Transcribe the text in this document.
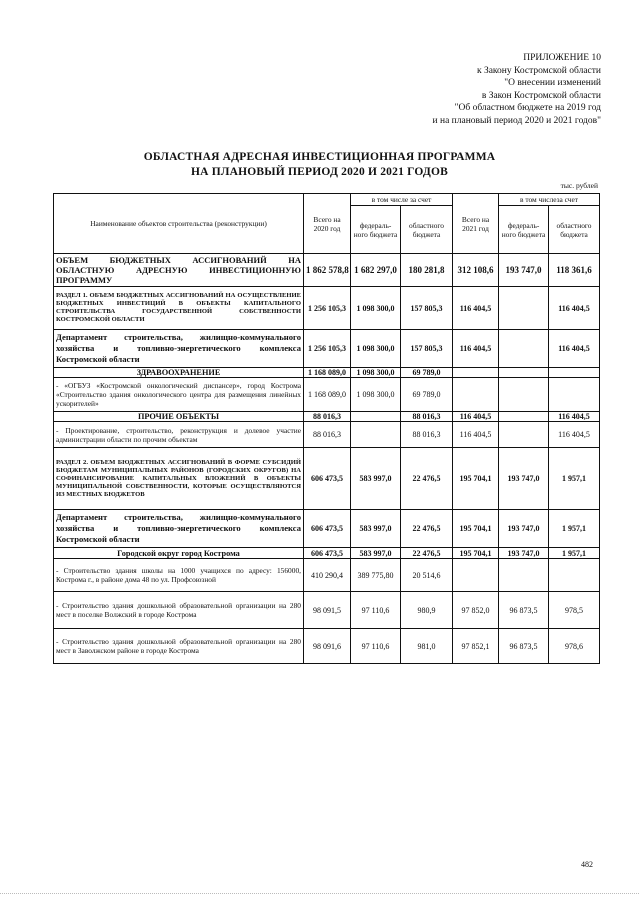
ПРИЛОЖЕНИЕ 10
к Закону Костромской области
"О внесении изменений
в Закон Костромской области
"Об областном бюджете на 2019 год
и на плановый период 2020 и 2021 годов"
ОБЛАСТНАЯ АДРЕСНАЯ ИНВЕСТИЦИОННАЯ ПРОГРАММА
НА ПЛАНОВЫЙ ПЕРИОД 2020 И 2021 ГОДОВ
тыс. рублей
Наименование объектов строительства (реконструкции)	Всего на 2020 год	в том числе за счет		Всего на 2021 год	в том числеза счет	
		федераль-ного бюджета	областного бюджета		федераль-ного бюджета	областного бюджета
ОБЪЕМ БЮДЖЕТНЫХ АССИГНОВАНИЙ НА ОБЛАСТНУЮ АДРЕСНУЮ ИНВЕСТИЦИОННУЮ ПРОГРАММУ	1 862 578,8	1 682 297,0	180 281,8	312 108,6	193 747,0	118 361,6
РАЗДЕЛ 1. ОБЪЕМ БЮДЖЕТНЫХ АССИГНОВАНИЙ НА ОСУЩЕСТВЛЕНИЕ БЮДЖЕТНЫХ ИНВЕСТИЦИЙ В ОБЪЕКТЫ КАПИТАЛЬНОГО СТРОИТЕЛЬСТВА ГОСУДАРСТВЕННОЙ СОБСТВЕННОСТИ КОСТРОМСКОЙ ОБЛАСТИ	1 256 105,3	1 098 300,0	157 805,3	116 404,5		116 404,5
Департамент строительства, жилищно-коммунального хозяйства и топливно-энергетического комплекса Костромской области	1 256 105,3	1 098 300,0	157 805,3	116 404,5		116 404,5
ЗДРАВООХРАНЕНИЕ	1 168 089,0	1 098 300,0	69 789,0			
- «ОГБУЗ «Костромской онкологический диспансер», город Кострома «Строительство здания онкологического центра для размещения линейных ускорителей»	1 168 089,0	1 098 300,0	69 789,0			
ПРОЧИЕ ОБЪЕКТЫ	88 016,3		88 016,3	116 404,5		116 404,5
- Проектирование, строительство, реконструкция и долевое участие администрации области по прочим объектам	88 016,3		88 016,3	116 404,5		116 404,5
РАЗДЕЛ 2. ОБЪЕМ БЮДЖЕТНЫХ АССИГНОВАНИЙ В ФОРМЕ СУБСИДИЙ БЮДЖЕТАМ МУНИЦИПАЛЬНЫХ РАЙОНОВ (ГОРОДСКИХ ОКРУГОВ) НА СОФИНАНСИРОВАНИЕ КАПИТАЛЬНЫХ ВЛОЖЕНИЙ В ОБЪЕКТЫ МУНИЦИПАЛЬНОЙ СОБСТВЕННОСТИ, КОТОРЫЕ ОСУЩЕСТВЛЯЮТСЯ ИЗ МЕСТНЫХ БЮДЖЕТОВ	606 473,5	583 997,0	22 476,5	195 704,1	193 747,0	1 957,1
Департамент строительства, жилищно-коммунального хозяйства и топливно-энергетического комплекса Костромской области	606 473,5	583 997,0	22 476,5	195 704,1	193 747,0	1 957,1
Городской округ город Кострома	606 473,5	583 997,0	22 476,5	195 704,1	193 747,0	1 957,1
- Строительство здания школы на 1000 учащихся по адресу: 156000, Кострома г., в районе дома 48 по ул. Профсоюзной	410 290,4	389 775,80	20 514,6			
- Строительство здания дошкольной образовательной организации на 280 мест в поселке Волжский в городе Кострома	98 091,5	97 110,6	980,9	97 852,0	96 873,5	978,5
- Строительство здания дошкольной образовательной организации на 280 мест в Заволжском районе в городе Кострома	98 091,6	97 110,6	981,0	97 852,1	96 873,5	978,6
482
